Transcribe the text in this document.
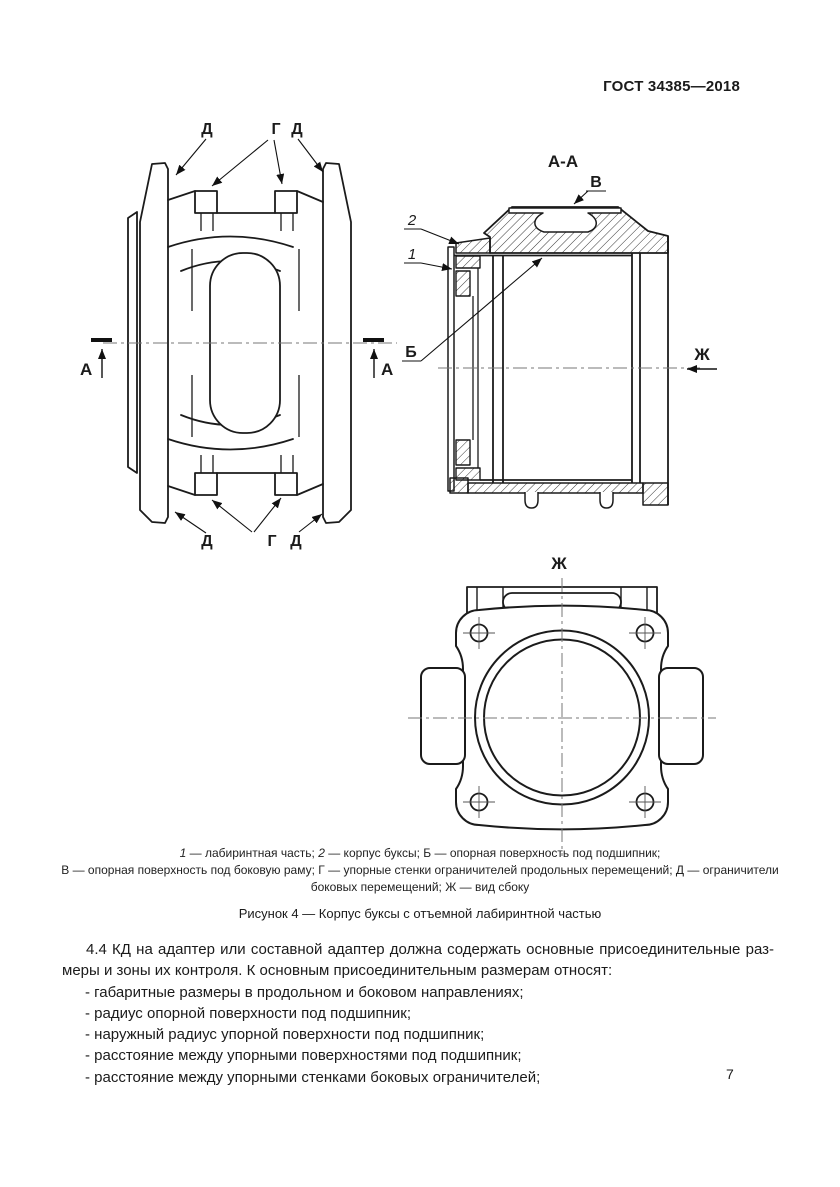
ГОСТ 34385—2018
А	А
Д	Г Д
Д	Г Д
А-А
В
2
1
Б	Ж
Ж
1 — лабиринтная часть; 2 — корпус буксы; Б — опорная поверхность под подшипник;
В — опорная поверхность под боковую раму; Г — упорные стенки ограничителей продольных перемещений; Д — ограничители
боковых перемещений; Ж — вид сбоку
Рисунок 4 — Корпус буксы с отъемной лабиринтной частью
4.4 КД на адаптер или составной адаптер должна содержать основные присоединительные раз-
меры и зоны их контроля. К основным присоединительным размерам относят:
- габаритные размеры в продольном и боковом направлениях;
- радиус опорной поверхности под подшипник;
- наружный радиус упорной поверхности под подшипник;
- расстояние между упорными поверхностями под подшипник;
- расстояние между упорными стенками боковых ограничителей;	7
